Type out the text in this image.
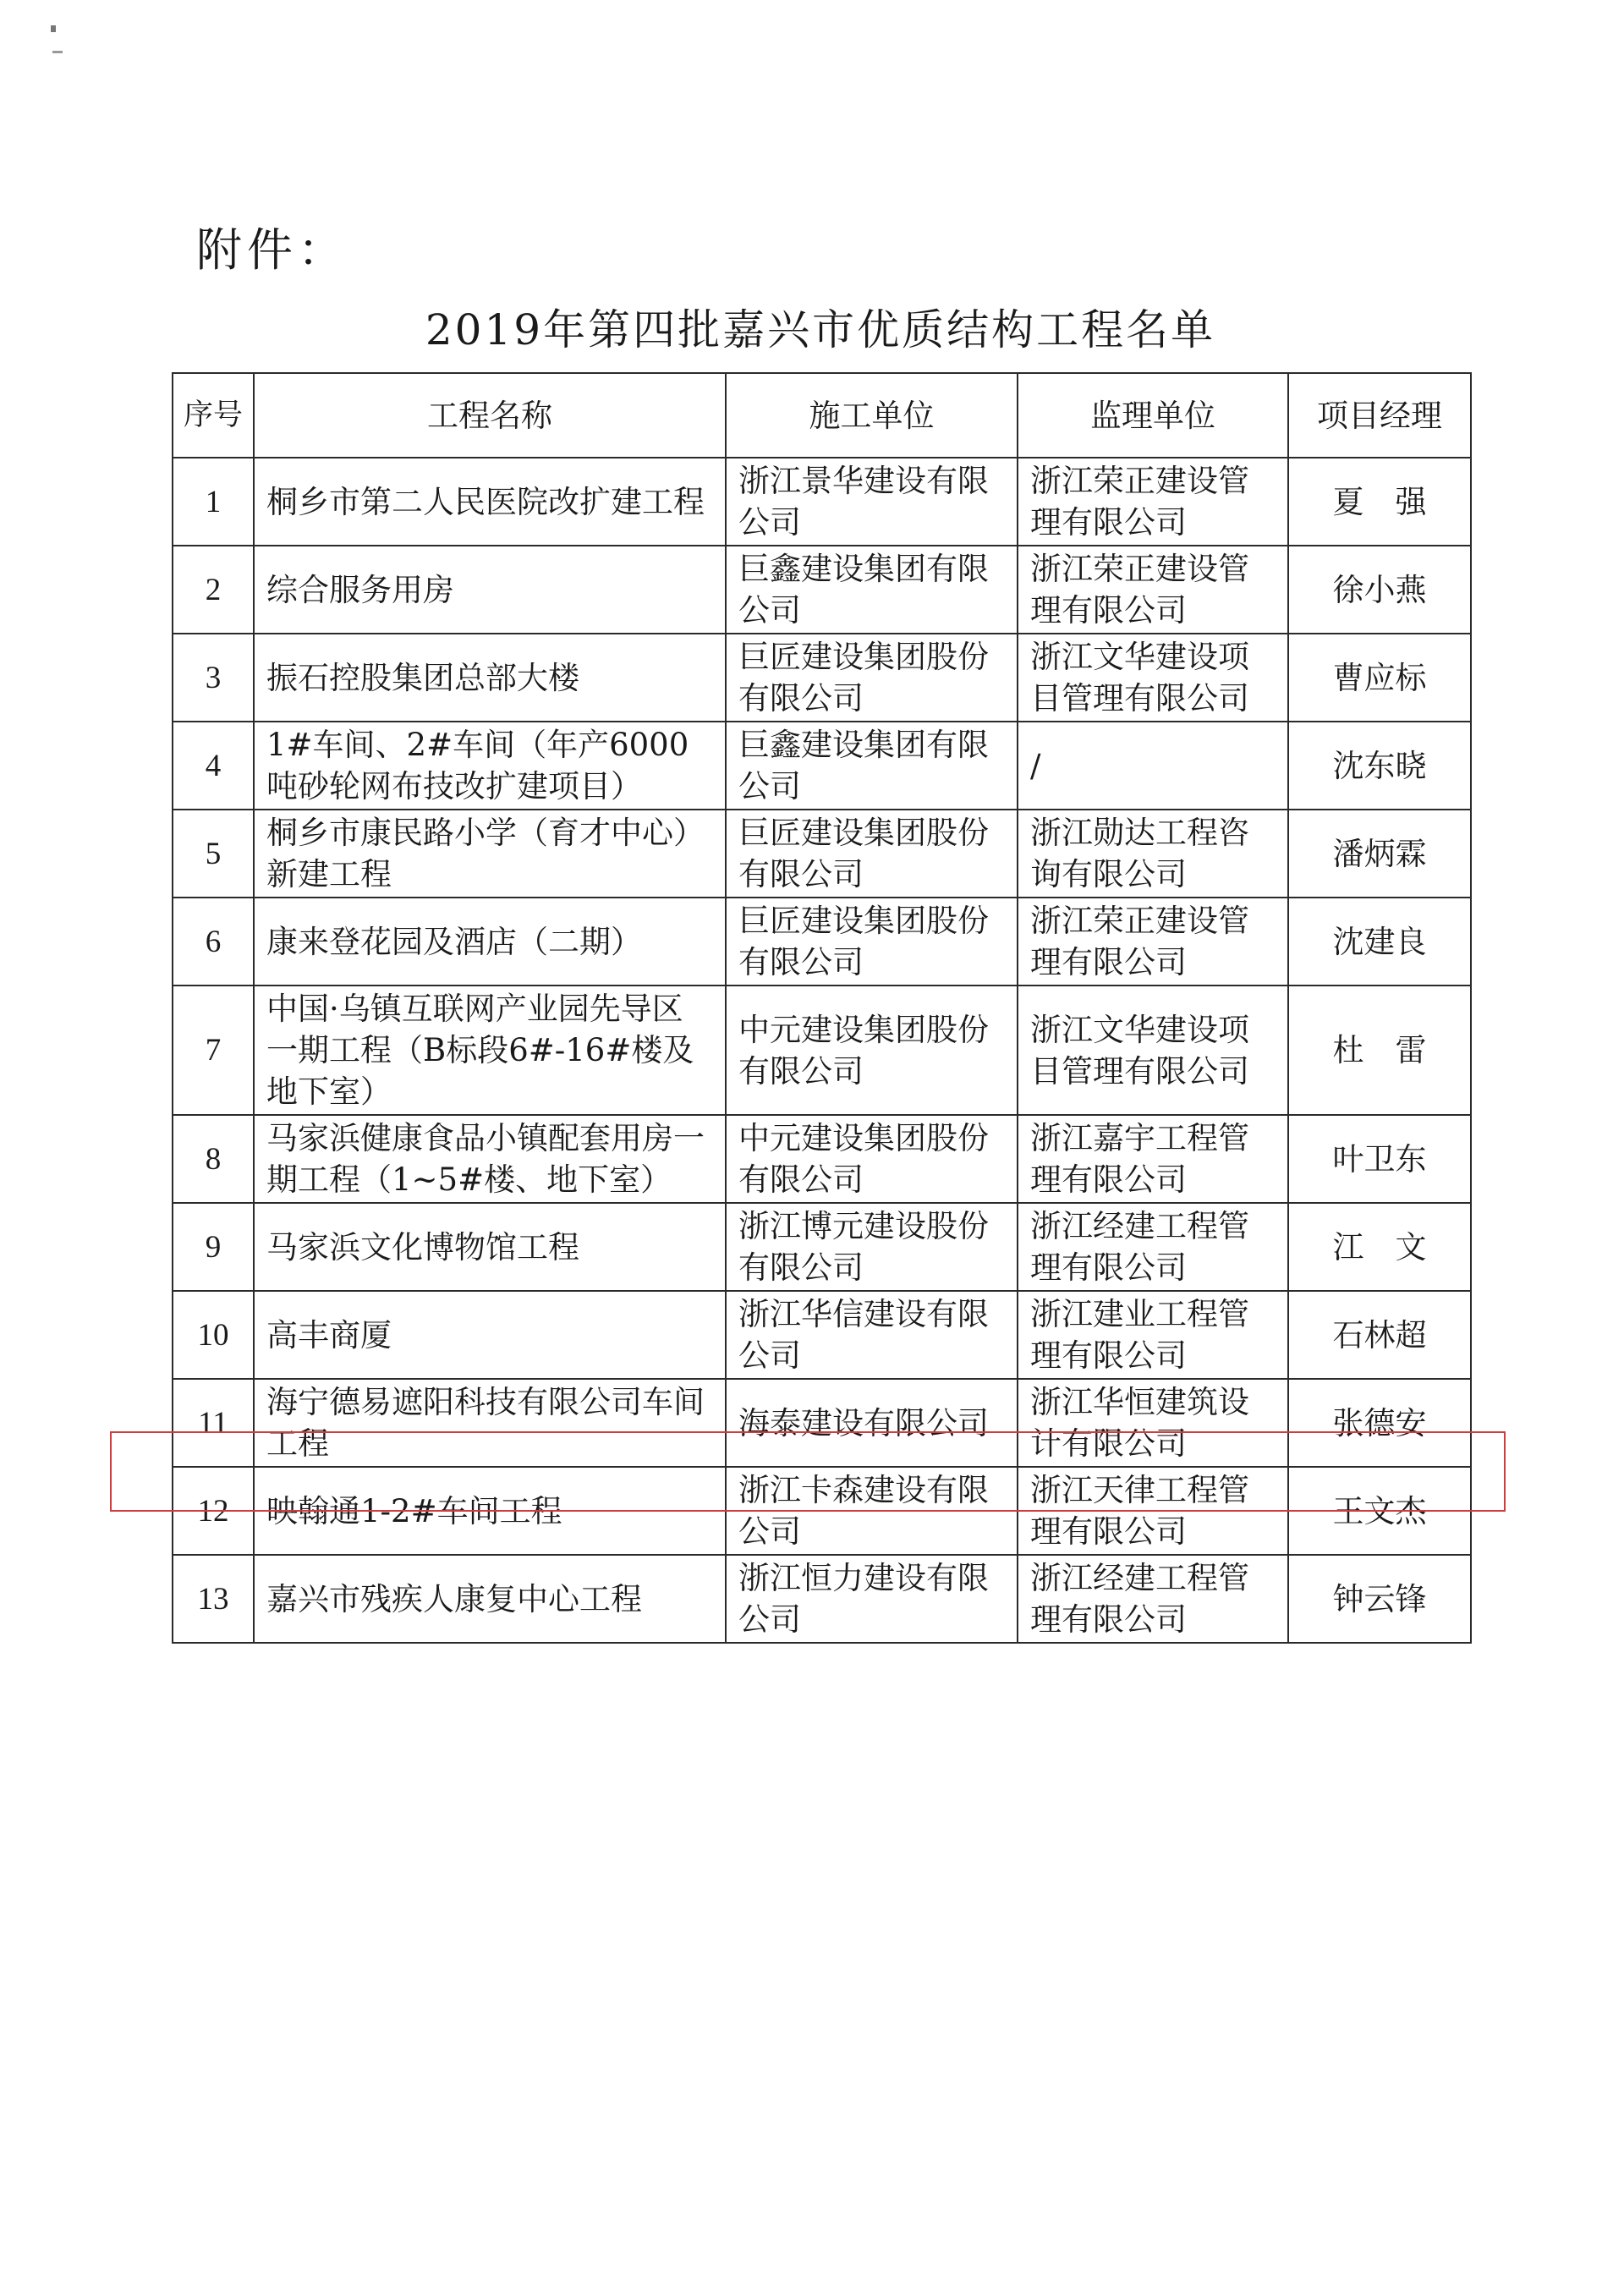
附件：
2019年第四批嘉兴市优质结构工程名单
序号	工程名称	施工单位	监理单位	项目经理
1	桐乡市第二人民医院改扩建工程	浙江景华建设有限公司	浙江荣正建设管理有限公司	夏　强
2	综合服务用房	巨鑫建设集团有限公司	浙江荣正建设管理有限公司	徐小燕
3	振石控股集团总部大楼	巨匠建设集团股份有限公司	浙江文华建设项目管理有限公司	曹应标
4	1#车间、2#车间（年产6000吨砂轮网布技改扩建项目）	巨鑫建设集团有限公司	/	沈东晓
5	桐乡市康民路小学（育才中心）新建工程	巨匠建设集团股份有限公司	浙江勋达工程咨询有限公司	潘炳霖
6	康来登花园及酒店（二期）	巨匠建设集团股份有限公司	浙江荣正建设管理有限公司	沈建良
7	中国·乌镇互联网产业园先导区一期工程（B标段6#-16#楼及地下室）	中元建设集团股份有限公司	浙江文华建设项目管理有限公司	杜　雷
8	马家浜健康食品小镇配套用房一期工程（1~5#楼、地下室）	中元建设集团股份有限公司	浙江嘉宇工程管理有限公司	叶卫东
9	马家浜文化博物馆工程	浙江博元建设股份有限公司	浙江经建工程管理有限公司	江　文
10	高丰商厦	浙江华信建设有限公司	浙江建业工程管理有限公司	石林超
11	海宁德易遮阳科技有限公司车间工程	海泰建设有限公司	浙江华恒建筑设计有限公司	张德安
12	映翰通1-2#车间工程	浙江卡森建设有限公司	浙江天律工程管理有限公司	王文杰
13	嘉兴市残疾人康复中心工程	浙江恒力建设有限公司	浙江经建工程管理有限公司	钟云锋
